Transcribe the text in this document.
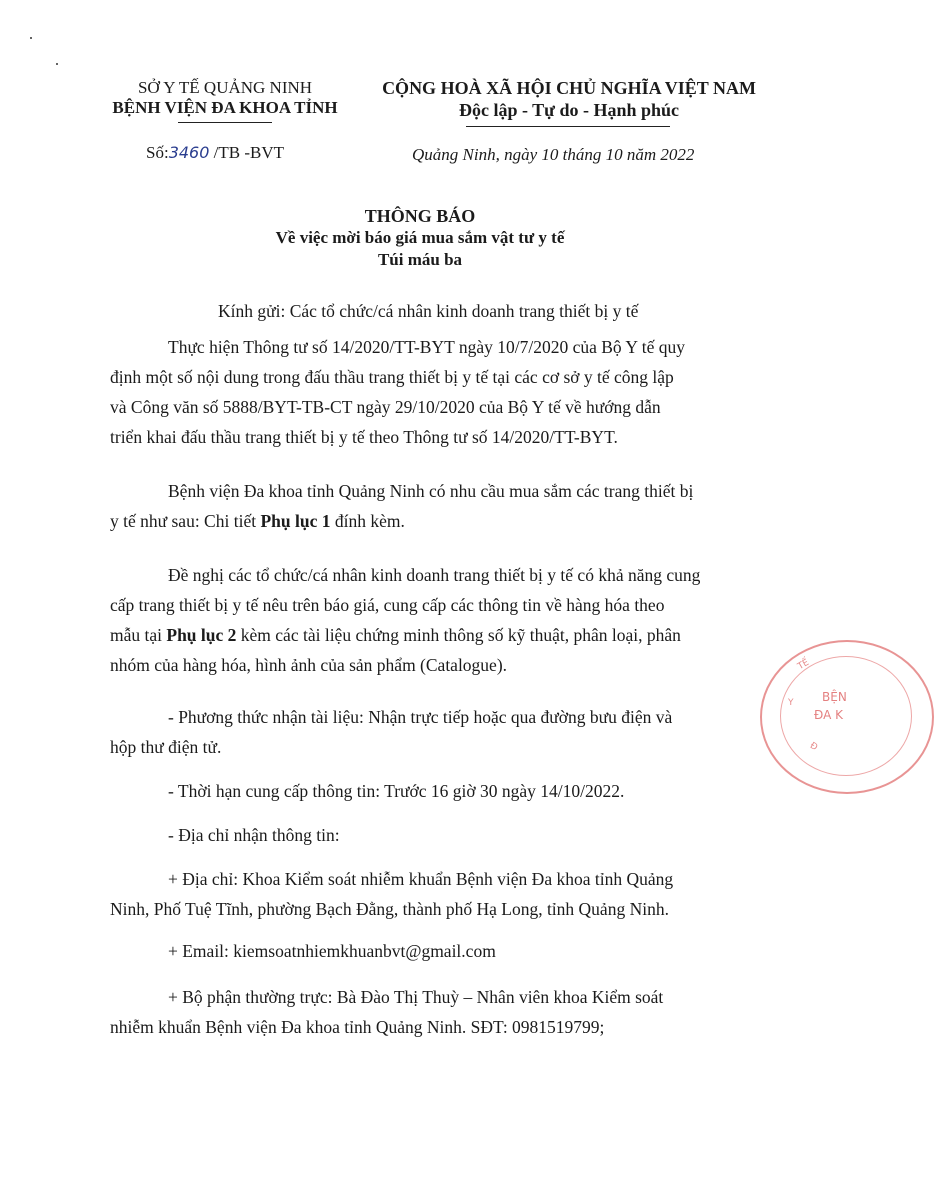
SỞ Y TẾ QUẢNG NINH
BỆNH VIỆN ĐA KHOA TỈNH
CỘNG HOÀ XÃ HỘI CHỦ NGHĨA VIỆT NAM
Độc lập - Tự do - Hạnh phúc
Số:3460 /TB -BVT	Quảng Ninh, ngày 10 tháng 10 năm 2022
THÔNG BÁO
Về việc mời báo giá mua sắm vật tư y tế
Túi máu ba
Kính gửi: Các tổ chức/cá nhân kinh doanh trang thiết bị y tế
Thực hiện Thông tư số 14/2020/TT-BYT ngày 10/7/2020 của Bộ Y tế quy
định một số nội dung trong đấu thầu trang thiết bị y tế tại các cơ sở y tế công lập
và Công văn số 5888/BYT-TB-CT ngày 29/10/2020 của Bộ Y tế về hướng dẫn
triển khai đấu thầu trang thiết bị y tế theo Thông tư số 14/2020/TT-BYT.
Bệnh viện Đa khoa tỉnh Quảng Ninh có nhu cầu mua sắm các trang thiết bị
y tế như sau: Chi tiết Phụ lục 1 đính kèm.
Đề nghị các tổ chức/cá nhân kinh doanh trang thiết bị y tế có khả năng cung
cấp trang thiết bị y tế nêu trên báo giá, cung cấp các thông tin về hàng hóa theo
mẫu tại Phụ lục 2 kèm các tài liệu chứng minh thông số kỹ thuật, phân loại, phân
nhóm của hàng hóa, hình ảnh của sản phẩm (Catalogue).
- Phương thức nhận tài liệu: Nhận trực tiếp hoặc qua đường bưu điện và
hộp thư điện tử.
- Thời hạn cung cấp thông tin: Trước 16 giờ 30 ngày 14/10/2022.
- Địa chỉ nhận thông tin:
+ Địa chỉ: Khoa Kiểm soát nhiễm khuẩn Bệnh viện Đa khoa tỉnh Quảng
Ninh, Phố Tuệ Tĩnh, phường Bạch Đằng, thành phố Hạ Long, tỉnh Quảng Ninh.
+ Email: kiemsoatnhiemkhuanbvt@gmail.com
+ Bộ phận thường trực: Bà Đào Thị Thuỳ – Nhân viên khoa Kiểm soát
nhiễm khuẩn Bệnh viện Đa khoa tỉnh Quảng Ninh. SĐT: 0981519799;
TẾ
Y BỆN
ĐA K
Đ
